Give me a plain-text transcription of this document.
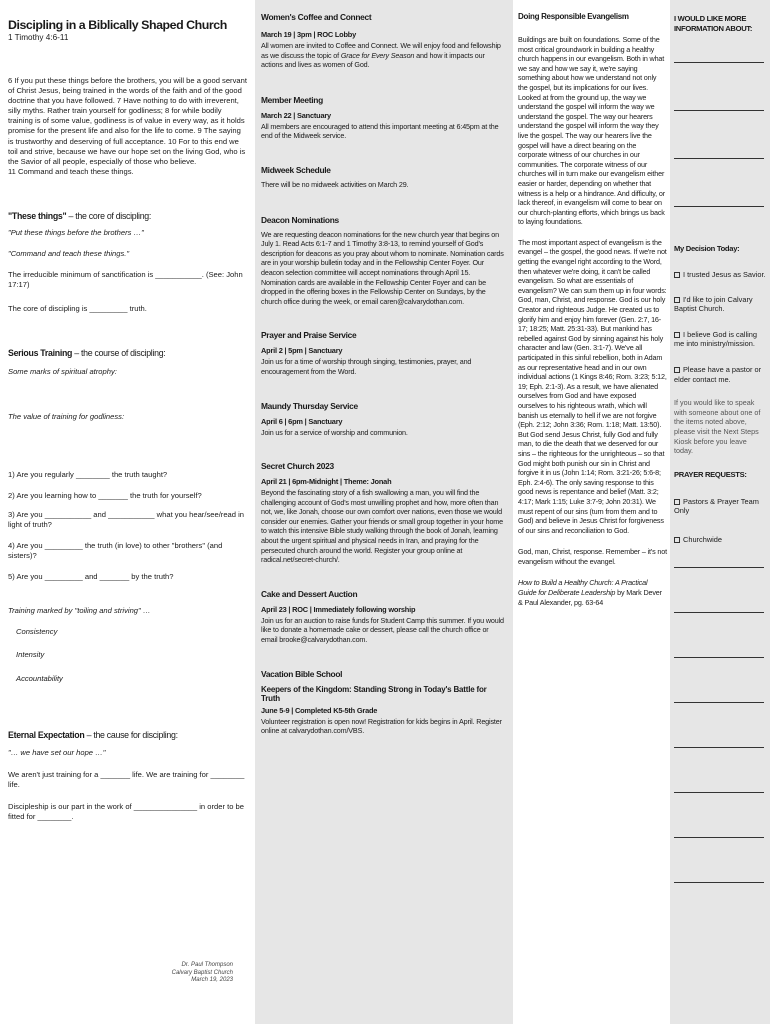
Discipling in a Biblically Shaped Church
1 Timothy 4:6-11

6 If you put these things before the brothers, you will be a good servant of Christ Jesus, being trained in the words of the faith and of the good doctrine that you have followed. 7 Have nothing to do with irreverent, silly myths. Rather train yourself for godliness; 8 for while bodily training is of some value, godliness is of value in every way, as it holds promise for the present life and also for the life to come. 9 The saying is trustworthy and deserving of full acceptance. 10 For to this end we toil and strive, because we have our hope set on the living God, who is the Savior of all people, especially of those who believe.

11 Command and teach these things.

"These things" – the core of discipling:

"Put these things before the brothers …"

"Command and teach these things."

The irreducible minimum of sanctification is ___________. (See: John 17:17)

The core of discipling is _________ truth.

Serious Training – the course of discipling:

Some marks of spiritual atrophy:

The value of training for godliness:

1) Are you regularly ________ the truth taught?

2) Are you learning how to _______ the truth for yourself?

3) Are you ___________ and ___________ what you hear/see/read in light of truth?

4) Are you _________ the truth (in love) to other "brothers" (and sisters)?

5) Are you _________ and _______ by the truth?

Training marked by "toiling and striving" …

Consistency

Intensity

Accountability

Eternal Expectation – the cause for discipling:

"… we have set our hope …"

We aren't just training for a _______ life. We are training for ________ life.

Discipleship is our part in the work of _______________ in order to be fitted for ________.

Dr. Paul Thompson
Calvary Baptist Church
March 19, 2023

Women's Coffee and Connect

March 19 | 3pm | ROC Lobby

All women are invited to Coffee and Connect. We will enjoy food and fellowship as we discuss the topic of Grace for Every Season and how it impacts our actions and lives as women of God.

Member Meeting

March 22 | Sanctuary

All members are encouraged to attend this important meeting at 6:45pm at the end of the Midweek service.

Midweek Schedule

There will be no midweek activities on March 29.

Deacon Nominations

We are requesting deacon nominations for the new church year that begins on July 1. Read Acts 6:1-7 and 1 Timothy 3:8-13, to remind yourself of God's description for deacons as you pray about whom to nominate. Nomination cards are in your worship bulletin today and in the Fellowship Center Foyer. Our deacon selection committee will accept nominations through April 15. Nomination cards are available in the Fellowship Center Foyer and can be dropped in the offering boxes in the Fellowship Center on Sundays, by the church office during the week, or email caren@calvarydothan.com.

Prayer and Praise Service

April 2 | 5pm | Sanctuary

Join us for a time of worship through singing, testimonies, prayer, and encouragement from the Word.

Maundy Thursday Service

April 6 | 6pm | Sanctuary

Join us for a service of worship and communion.

Secret Church 2023

April 21 | 6pm-Midnight | Theme: Jonah

Beyond the fascinating story of a fish swallowing a man, you will find the challenging account of God's most unwilling prophet and how, more often than not, we, like Jonah, choose our own comfort over nations, even those we would consider our enemies. Gather your friends or small group together in your home to watch this intensive Bible study walking through the book of Jonah, learning about the urgent spiritual and physical needs in Iran, and praying for the persecuted church around the world. Register your group online at radical.net/secret-church/.

Cake and Dessert Auction

April 23 | ROC | Immediately following worship

Join us for an auction to raise funds for Student Camp this summer. If you would like to donate a homemade cake or dessert, please call the church office or email brooke@calvarydothan.com.

Vacation Bible School

Keepers of the Kingdom: Standing Strong in Today's Battle for Truth

June 5-9 | Completed K5-5th Grade

Volunteer registration is open now! Registration for kids begins in April. Register online at calvarydothan.com/VBS.

Doing Responsible Evangelism

Buildings are built on foundations. Some of the most critical groundwork in building a healthy church happens in our evangelism. Both in what we say and how we say it, we're saying something about how we understand not only the gospel, but its implications for our lives. Looked at from the ground up, the way we understand the gospel will inform the way we understand the gospel. The way our hearers understand the gospel will inform the way they live the gospel. The way our hearers live the gospel will have a direct bearing on the corporate witness of our churches in our communities. The corporate witness of our churches will in turn make our evangelism either easier or harder, depending on whether that witness is a help or a hindrance. And difficulty, or lack thereof, in evangelism will come to bear on our church-planting efforts, which brings us back to laying foundations.

The most important aspect of evangelism is the evangel – the gospel, the good news. If we're not getting the evangel right according to the Word, then whatever we're doing, it can't be called evangelism. So what are essentials of evangelism? We can sum them up in four words: God, man, Christ, and response. God is our holy Creator and righteous Judge. He created us to glorify him and enjoy him forever (Gen. 2:7, 16-17; 18:25; Matt. 25:31-33). But mankind has rebelled against God by sinning against his holy character and law (Gen. 3:1-7). We've all participated in this sinful rebellion, both in Adam as our representative head and in our own individual actions (1 Kings 8:46; Rom. 3:23; 5:12, 19; Eph. 2:1-3). As a result, we have alienated ourselves from God and have exposed ourselves to his righteous wrath, which will banish us eternally to hell if we are not forgive (Eph. 2:12; John 3:36; Rom. 1:18; Matt. 13:50). But God send Jesus Christ, fully God and fully man, to die the death that we deserved for our sins – the righteous for the unrighteous – so that God might both punish our sin in Christ and forgive it in us (John 1:14; Rom. 3:21-26; 5:6-8; Eph. 2:4-6). The only saving response to this good news is repentance and belief (Matt. 3:2; 4:17; Mark 1:15; Luke 3:7-9; John 20:31). We must repent of our sins (turn from them and to God) and believe in Jesus Christ for forgiveness of our sins and reconciliation to God.

God, man, Christ, response. Remember – it's not evangelism without the evangel.

How to Build a Healthy Church: A Practical Guide for Deliberate Leadership by Mark Dever & Paul Alexander, pg. 63-64

I WOULD LIKE MORE INFORMATION ABOUT:

My Decision Today:

I trusted Jesus as Savior.

I'd like to join Calvary Baptist Church.

I believe God is calling me into ministry/mission.

Please have a pastor or elder contact me.

If you would like to speak with someone about one of the items noted above, please visit the Next Steps Kiosk before you leave today.

PRAYER REQUESTS:

Pastors & Prayer Team Only

Churchwide
